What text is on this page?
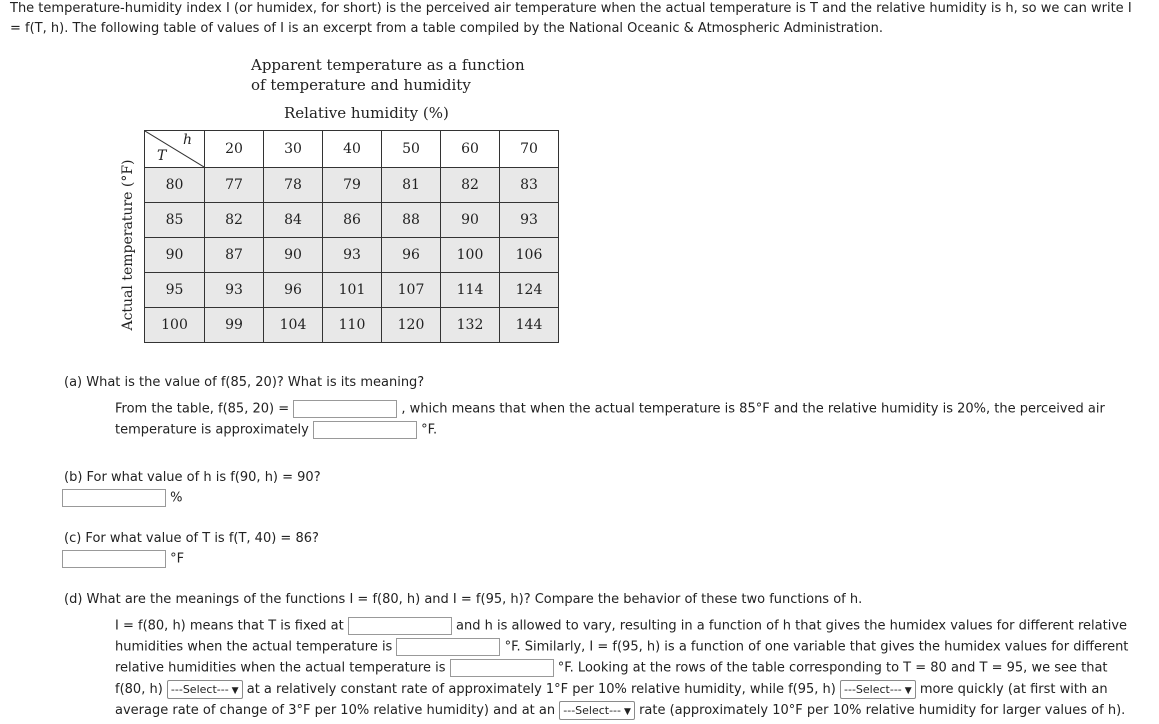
The temperature-humidity index I (or humidex, for short) is the perceived air temperature when the actual temperature is T and the relative humidity is h, so we can write I
= f(T, h). The following table of values of I is an excerpt from a table compiled by the National Oceanic & Atmospheric Administration.
Apparent temperature as a function
of temperature and humidity
Relative humidity (%)
Actual temperature (°F)
h
T	20	30	40	50	60	70
80	77	78	79	81	82	83
85	82	84	86	88	90	93
90	87	90	93	96	100	106
95	93	96	101	107	114	124
100	99	104	110	120	132	144
(a) What is the value of f(85, 20)? What is its meaning?
From the table, f(85, 20) =	, which means that when the actual temperature is 85°F and the relative humidity is 20%, the perceived air
temperature is approximately	°F.
(b) For what value of h is f(90, h) = 90?
%
(c) For what value of T is f(T, 40) = 86?
°F
(d) What are the meanings of the functions I = f(80, h) and I = f(95, h)? Compare the behavior of these two functions of h.
I = f(80, h) means that T is fixed at	and h is allowed to vary, resulting in a function of h that gives the humidex values for different relative
humidities when the actual temperature is	°F. Similarly, I = f(95, h) is a function of one variable that gives the humidex values for different
relative humidities when the actual temperature is	°F. Looking at the rows of the table corresponding to T = 80 and T = 95, we see that
f(80, h) ---Select--- ▼ at a relatively constant rate of approximately 1°F per 10% relative humidity, while f(95, h) ---Select--- ▼ more quickly (at first with an
average rate of change of 3°F per 10% relative humidity) and at an ---Select--- ▼ rate (approximately 10°F per 10% relative humidity for larger values of h).
